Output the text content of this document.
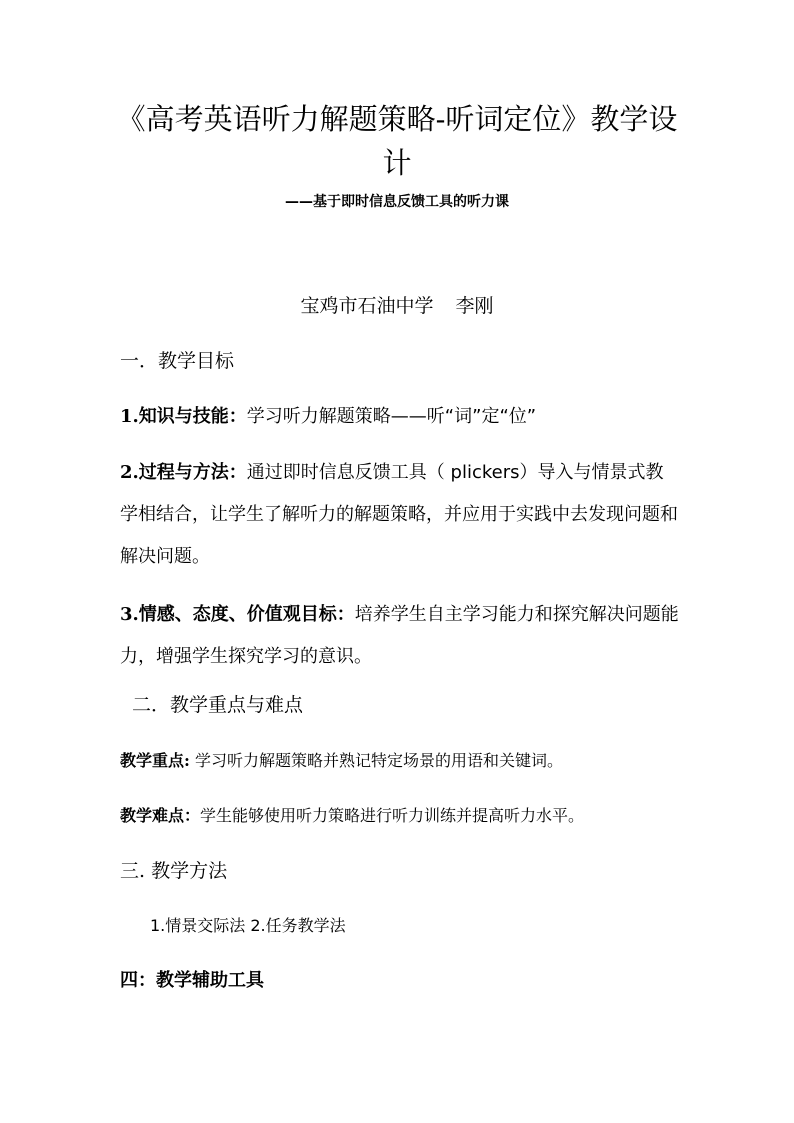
《高考英语听力解题策略-听词定位》教学设计
——基于即时信息反馈工具的听力课
宝鸡市石油中学 李刚
一．教学目标
1.知识与技能：学习听力解题策略——听“词”定“位”
2.过程与方法：通过即时信息反馈工具（ plickers）导入与情景式教学相结合，让学生了解听力的解题策略，并应用于实践中去发现问题和解决问题。
3.情感、态度、价值观目标：培养学生自主学习能力和探究解决问题能力，增强学生探究学习的意识。
二．教学重点与难点
教学重点: 学习听力解题策略并熟记特定场景的用语和关键词。
教学难点：学生能够使用听力策略进行听力训练并提高听力水平。
三. 教学方法
1.情景交际法 2.任务教学法
四：教学辅助工具
